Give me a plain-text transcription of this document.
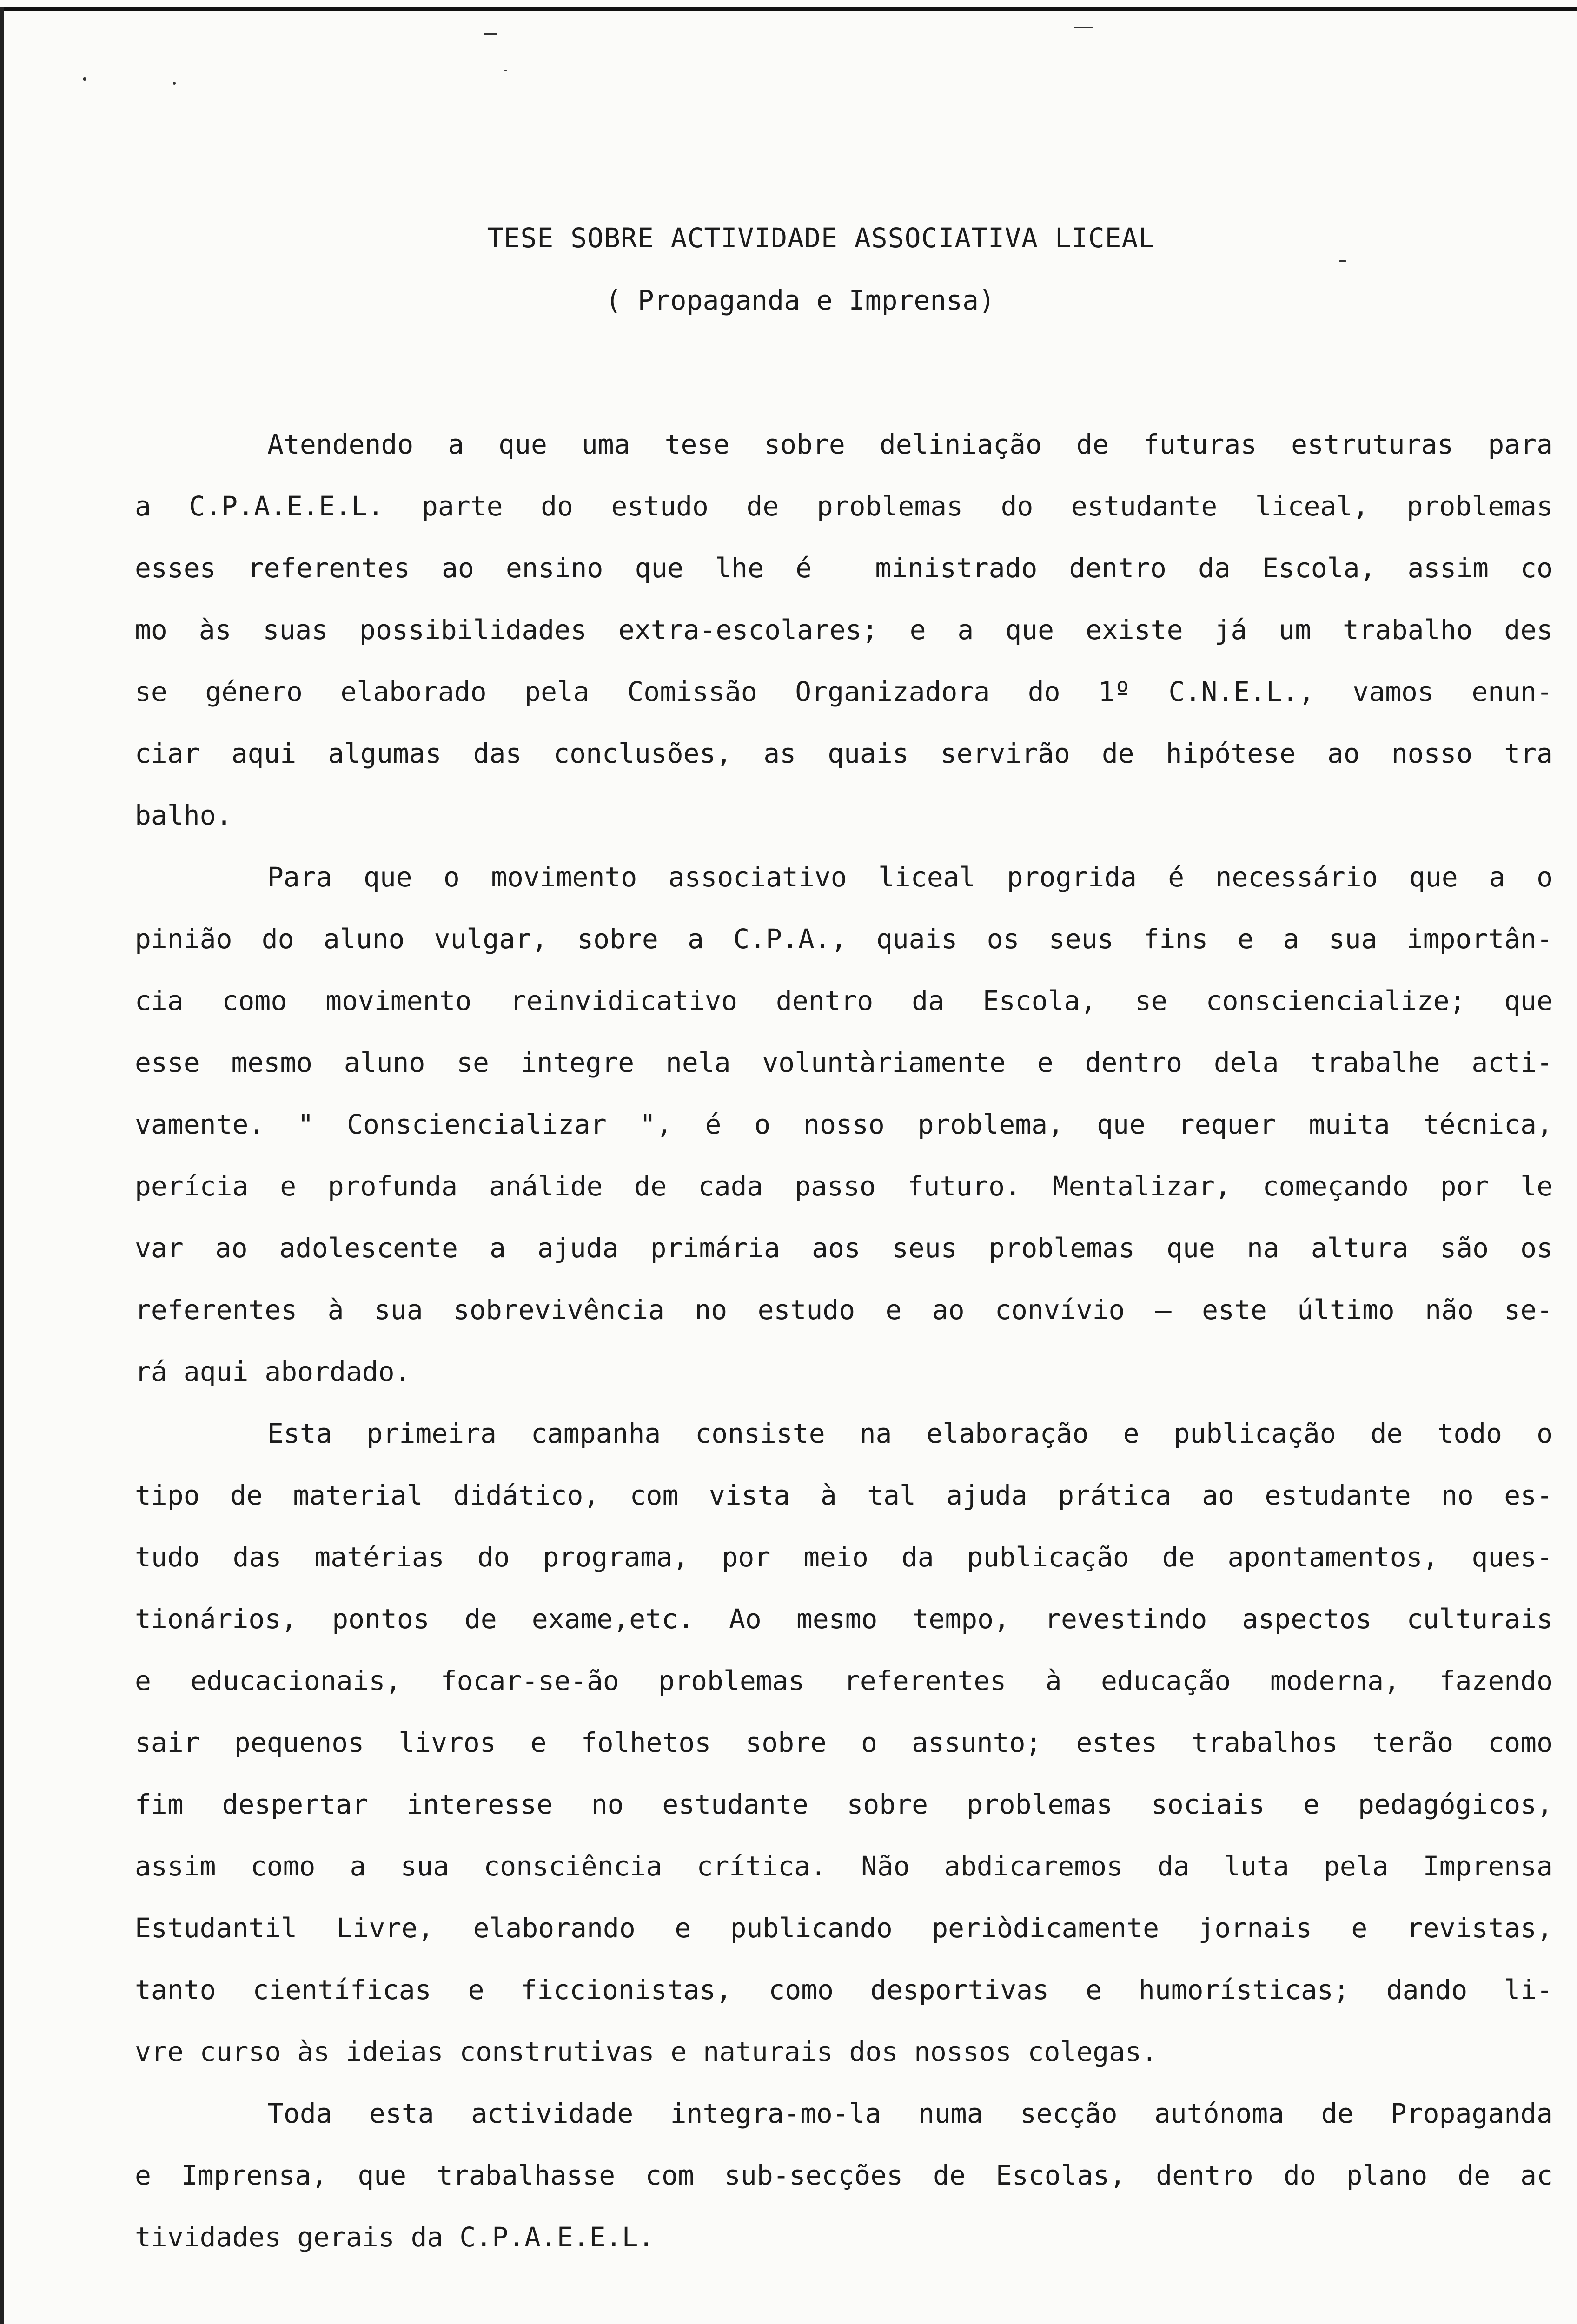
TESE SOBRE ACTIVIDADE ASSOCIATIVA LICEAL
( Propaganda e Imprensa)
Atendendo a que uma tese sobre deliniação de futuras estruturas para
a C.P.A.E.E.L. parte do estudo de problemas do estudante liceal, problemas
esses referentes ao ensino que lhe é  ministrado dentro da Escola, assim co
mo às suas possibilidades extra-escolares; e a que existe já um trabalho des
se género elaborado pela Comissão Organizadora do 1º C.N.E.L., vamos enun-
ciar aqui algumas das conclusões, as quais servirão de hipótese ao nosso tra
balho.
Para que o movimento associativo liceal progrida é necessário que a o
pinião do aluno vulgar, sobre a C.P.A., quais os seus fins e a sua importân-
cia como movimento reinvidicativo dentro da Escola, se consciencialize; que
esse mesmo aluno se integre nela voluntàriamente e dentro dela trabalhe acti-
vamente. " Consciencializar ", é o nosso problema, que requer muita técnica,
perícia e profunda análide de cada passo futuro. Mentalizar, começando por le
var ao adolescente a ajuda primária aos seus problemas que na altura são os
referentes à sua sobrevivência no estudo e ao convívio — este último não se-
rá aqui abordado.
Esta primeira campanha consiste na elaboração e publicação de todo o
tipo de material didático, com vista à tal ajuda prática ao estudante no es-
tudo das matérias do programa, por meio da publicação de apontamentos, ques-
tionários, pontos de exame,etc. Ao mesmo tempo, revestindo aspectos culturais
e educacionais, focar-se-ão problemas referentes à educação moderna, fazendo
sair pequenos livros e folhetos sobre o assunto; estes trabalhos terão como
fim despertar interesse no estudante sobre problemas sociais e pedagógicos,
assim como a sua consciência crítica. Não abdicaremos da luta pela Imprensa
Estudantil Livre, elaborando e publicando periòdicamente jornais e revistas,
tanto científicas e ficcionistas, como desportivas e humorísticas; dando li-
vre curso às ideias construtivas e naturais dos nossos colegas.
Toda esta actividade integra-mo-la numa secção autónoma de Propaganda
e Imprensa, que trabalhasse com sub-secções de Escolas, dentro do plano de ac
tividades gerais da C.P.A.E.E.L.
